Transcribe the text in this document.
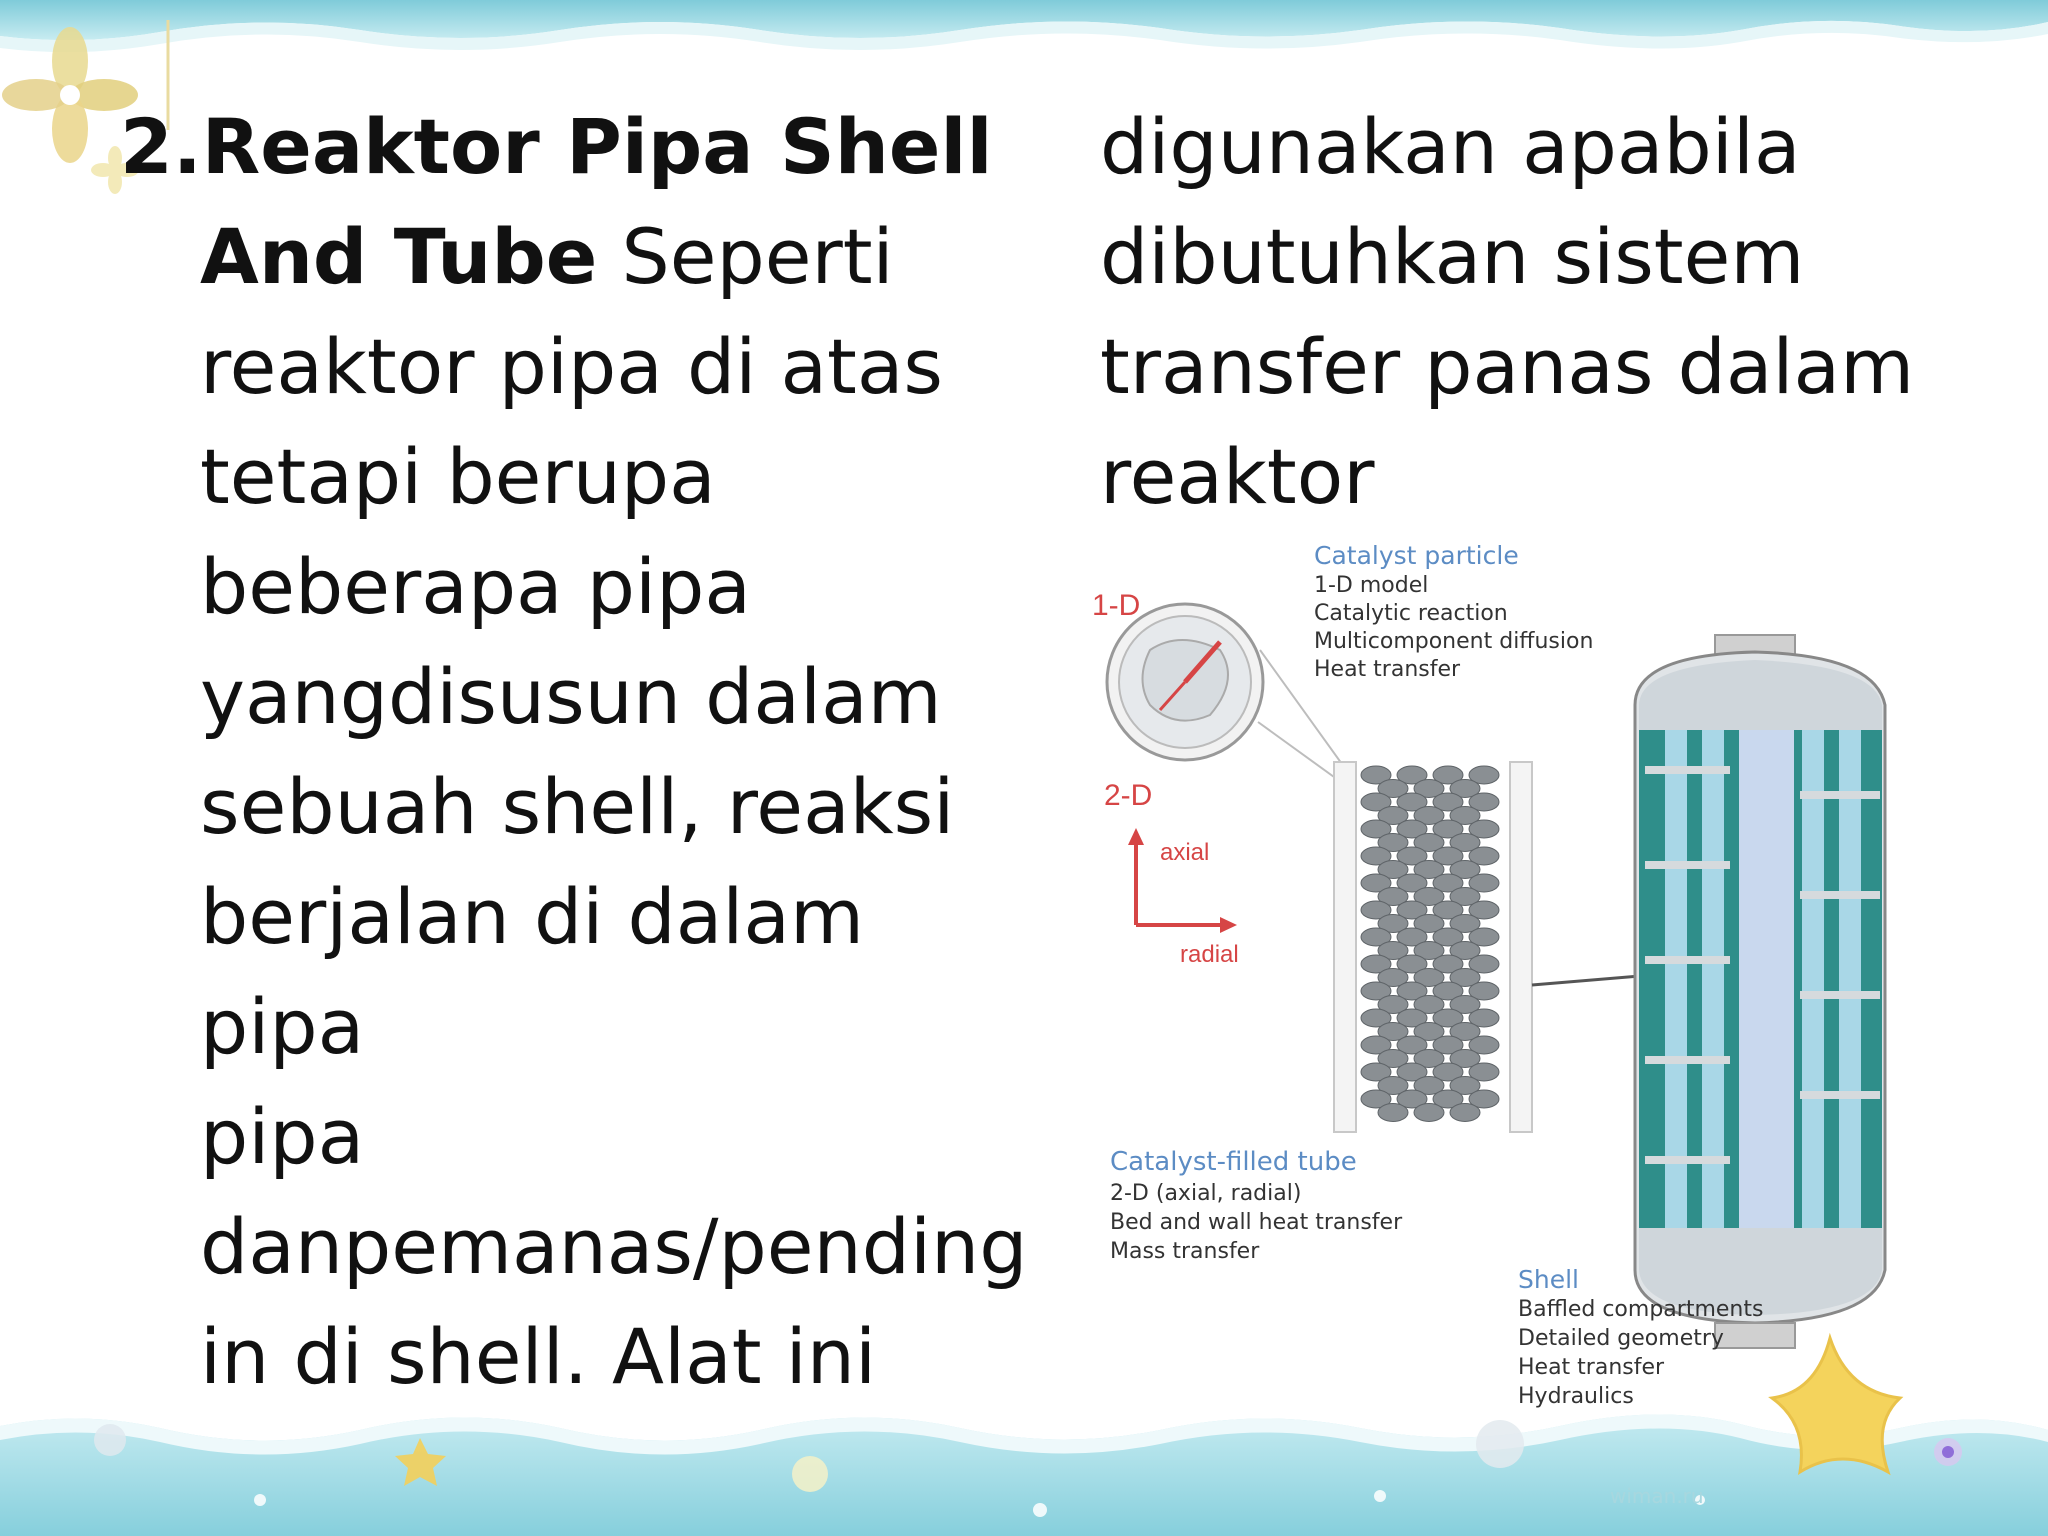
2.Reaktor Pipa Shell
And Tube Seperti
reaktor pipa di atas
tetapi berupa
beberapa pipa
yangdisusun dalam
sebuah shell, reaksi
berjalan di dalam pipa
pipa
danpemanas/pending
in di shell. Alat ini

digunakan apabila
dibutuhkan sistem
transfer panas dalam
reaktor
Catalyst particle
1-D model
Catalytic reaction
Multicomponent diffusion
Heat transfer
1-D
2-D
axial
radial
Catalyst-filled tube
2-D (axial, radial)
Bed and wall heat transfer
Mass transfer
Shell
Baffled compartments
Detailed geometry
Heat transfer
Hydraulics
wiman.ru
